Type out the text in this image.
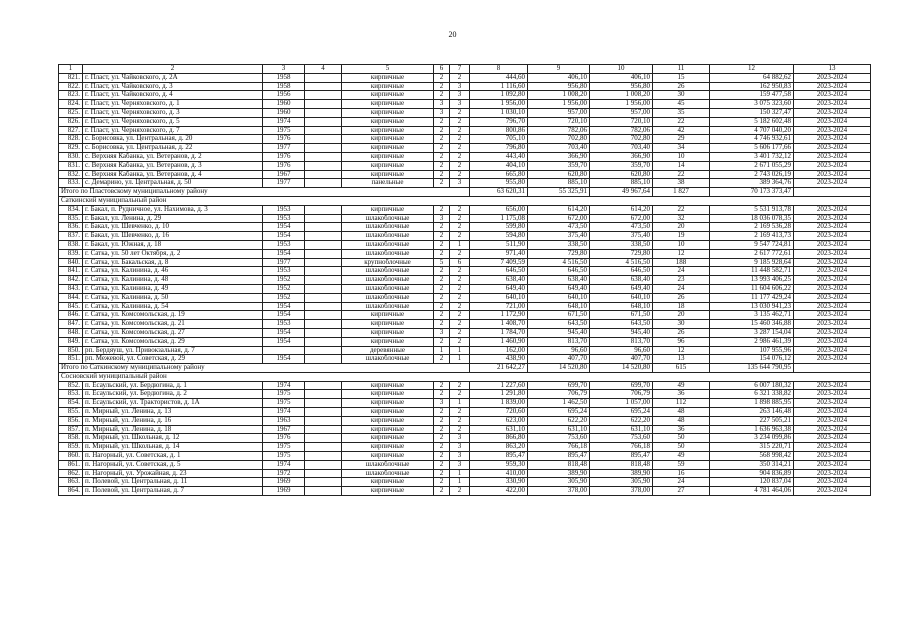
20
1	2	3	4	5	6	7	8	9	10	11	12	13
821.	г. Пласт, ул. Чайковского, д. 2А	1958		кирпичные	2	2	444,60	406,10	406,10	15	64 882,62	2023-2024
822.	г. Пласт, ул. Чайковского, д. 3	1958		кирпичные	2	3	1 116,60	956,80	956,80	26	162 950,83	2023-2024
823.	г. Пласт, ул. Чайковского, д. 4	1956		кирпичные	2	3	1 092,80	1 008,20	1 008,20	30	159 477,58	2023-2024
824.	г. Пласт, ул. Черняховского, д. 1	1960		кирпичные	3	3	1 956,00	1 956,00	1 956,00	45	3 075 323,60	2023-2024
825.	г. Пласт, ул. Черняховского, д. 3	1960		кирпичные	3	2	1 030,10	957,00	957,00	35	150 327,47	2023-2024
826.	г. Пласт, ул. Черняховского, д. 5	1974		кирпичные	2	2	796,70	720,10	720,10	22	5 182 602,48	2023-2024
827.	г. Пласт, ул. Черняховского, д. 7	1975		кирпичные	2	2	800,86	782,06	782,06	42	4 707 040,20	2023-2024
828.	с. Борисовка, ул. Центральная, д. 20	1976		кирпичные	2	2	705,10	702,80	702,80	29	4 746 932,61	2023-2024
829.	с. Борисовка, ул. Центральная, д. 22	1977		кирпичные	2	2	796,80	703,40	703,40	34	5 606 177,66	2023-2024
830.	с. Верхняя Кабанка, ул. Ветеранов, д. 2	1976		кирпичные	2	2	443,40	366,90	366,90	10	3 401 732,12	2023-2024
831.	с. Верхняя Кабанка, ул. Ветеранов, д. 3	1976		кирпичные	2	2	404,10	359,70	359,70	14	2 671 055,29	2023-2024
832.	с. Верхняя Кабанка, ул. Ветеранов, д. 4	1967		кирпичные	2	2	665,80	620,80	620,80	22	2 743 026,19	2023-2024
833.	с. Демарино, ул. Центральная, д. 50	1977		панельные	2	3	955,80	885,10	885,10	38	389 364,76	2023-2024
Итого по Пластовскому муниципальному району							63 620,31	55 325,91	49 967,64	1 827	70 173 373,47	
Саткинский муниципальный район												
834.	г. Бакал, п. Рудничное, ул. Нахимова, д. 3	1953		кирпичные	2	2	656,00	614,20	614,20	22	5 531 913,78	2023-2024
835.	г. Бакал, ул. Ленина, д. 29	1953		шлакоблочные	3	2	1 175,08	672,00	672,00	32	18 036 078,35	2023-2024
836.	г. Бакал, ул. Шевченко, д. 10	1954		шлакоблочные	2	2	599,80	473,50	473,50	20	2 169 536,28	2023-2024
837.	г. Бакал, ул. Шевченко, д. 16	1954		шлакоблочные	2	2	594,80	375,40	375,40	19	2 169 413,73	2023-2024
838.	г. Бакал, ул. Южная, д. 18	1953		шлакоблочные	2	1	511,90	338,50	338,50	10	9 547 724,81	2023-2024
839.	г. Сатка, ул. 50 лет Октября, д. 2	1954		шлакоблочные	2	2	971,40	729,80	729,80	12	2 617 772,61	2023-2024
840.	г. Сатка, ул. Бакальская, д. 8	1977		крупноблочные	5	6	7 409,59	4 516,50	4 516,50	188	9 185 928,64	2023-2024
841.	г. Сатка, ул. Калинина, д. 46	1953		шлакоблочные	2	2	646,50	646,50	646,50	24	11 448 582,71	2023-2024
842.	г. Сатка, ул. Калинина, д. 48	1952		шлакоблочные	2	2	638,40	638,40	638,40	23	13 993 406,25	2023-2024
843.	г. Сатка, ул. Калинина, д. 49	1952		шлакоблочные	2	2	649,40	649,40	649,40	24	11 604 606,22	2023-2024
844.	г. Сатка, ул. Калинина, д. 50	1952		шлакоблочные	2	2	640,10	640,10	640,10	26	11 177 429,24	2023-2024
845.	г. Сатка, ул. Калинина, д. 54	1954		шлакоблочные	2	2	721,00	648,10	648,10	18	13 030 941,23	2023-2024
846.	г. Сатка, ул. Комсомольская, д. 19	1954		кирпичные	2	2	1 172,90	671,50	671,50	20	3 135 462,71	2023-2024
847.	г. Сатка, ул. Комсомольская, д. 21	1953		кирпичные	2	2	1 408,70	643,50	643,50	30	15 460 346,88	2023-2024
848.	г. Сатка, ул. Комсомольская, д. 27	1954		кирпичные	3	2	1 784,70	945,40	945,40	26	3 287 154,04	2023-2024
849.	г. Сатка, ул. Комсомольская, д. 29	1954		кирпичные	2	2	1 460,90	813,70	813,70	96	2 986 461,39	2023-2024
850.	рп. Бердяуш, ул. Привокзальная, д. 7			деревянные	1	1	162,00	96,60	96,60	12	107 955,96	2023-2024
851.	рп. Межевой, ул. Советская, д. 29	1954		шлакоблочные	2	1	438,90	407,70	407,70	13	154 076,12	2023-2024
Итого по Саткинскому муниципальному району							21 642,27	14 520,80	14 520,80	615	135 644 790,95	
Сосновский муниципальный район												
852.	п. Есаульский, ул. Бердюгина, д. 1	1974		кирпичные	2	2	1 227,60	699,70	699,70	49	6 007 180,32	2023-2024
853.	п. Есаульский, ул. Бердюгина, д. 2	1975		кирпичные	2	2	1 291,80	706,79	706,79	36	6 321 338,82	2023-2024
854.	п. Есаульский, ул. Трактористов, д. 1А	1975		кирпичные	3	1	1 839,00	1 462,50	1 057,00	112	1 898 885,95	2023-2024
855.	п. Мирный, ул. Ленина, д. 13	1974		кирпичные	2	2	720,60	695,24	695,24	48	263 146,48	2023-2024
856.	п. Мирный, ул. Ленина, д. 16	1963		кирпичные	2	2	623,00	622,20	622,20	48	227 505,21	2023-2024
857.	п. Мирный, ул. Ленина, д. 18	1967		кирпичные	2	2	631,10	631,10	631,10	36	1 636 963,38	2023-2024
858.	п. Мирный, ул. Школьная, д. 12	1976		кирпичные	2	3	866,80	753,60	753,60	50	3 234 099,86	2023-2024
859.	п. Мирный, ул. Школьная, д. 14	1975		кирпичные	2	3	863,20	766,18	766,18	50	315 220,71	2023-2024
860.	п. Нагорный, ул. Советская, д. 1	1975		кирпичные	2	3	895,47	895,47	895,47	49	568 998,42	2023-2024
861.	п. Нагорный, ул. Советская, д. 5	1974		шлакоблочные	2	3	959,30	818,48	818,48	59	350 314,21	2023-2024
862.	п. Нагорный, ул. Урожайная, д. 23	1972		шлакоблочные	2	1	410,00	389,90	389,90	16	904 836,89	2023-2024
863.	п. Полевой, ул. Центральная, д. 11	1969		кирпичные	2	1	330,90	305,90	305,90	24	120 837,04	2023-2024
864.	п. Полевой, ул. Центральная, д. 7	1969		кирпичные	2	2	422,00	378,00	378,00	27	4 781 464,06	2023-2024
